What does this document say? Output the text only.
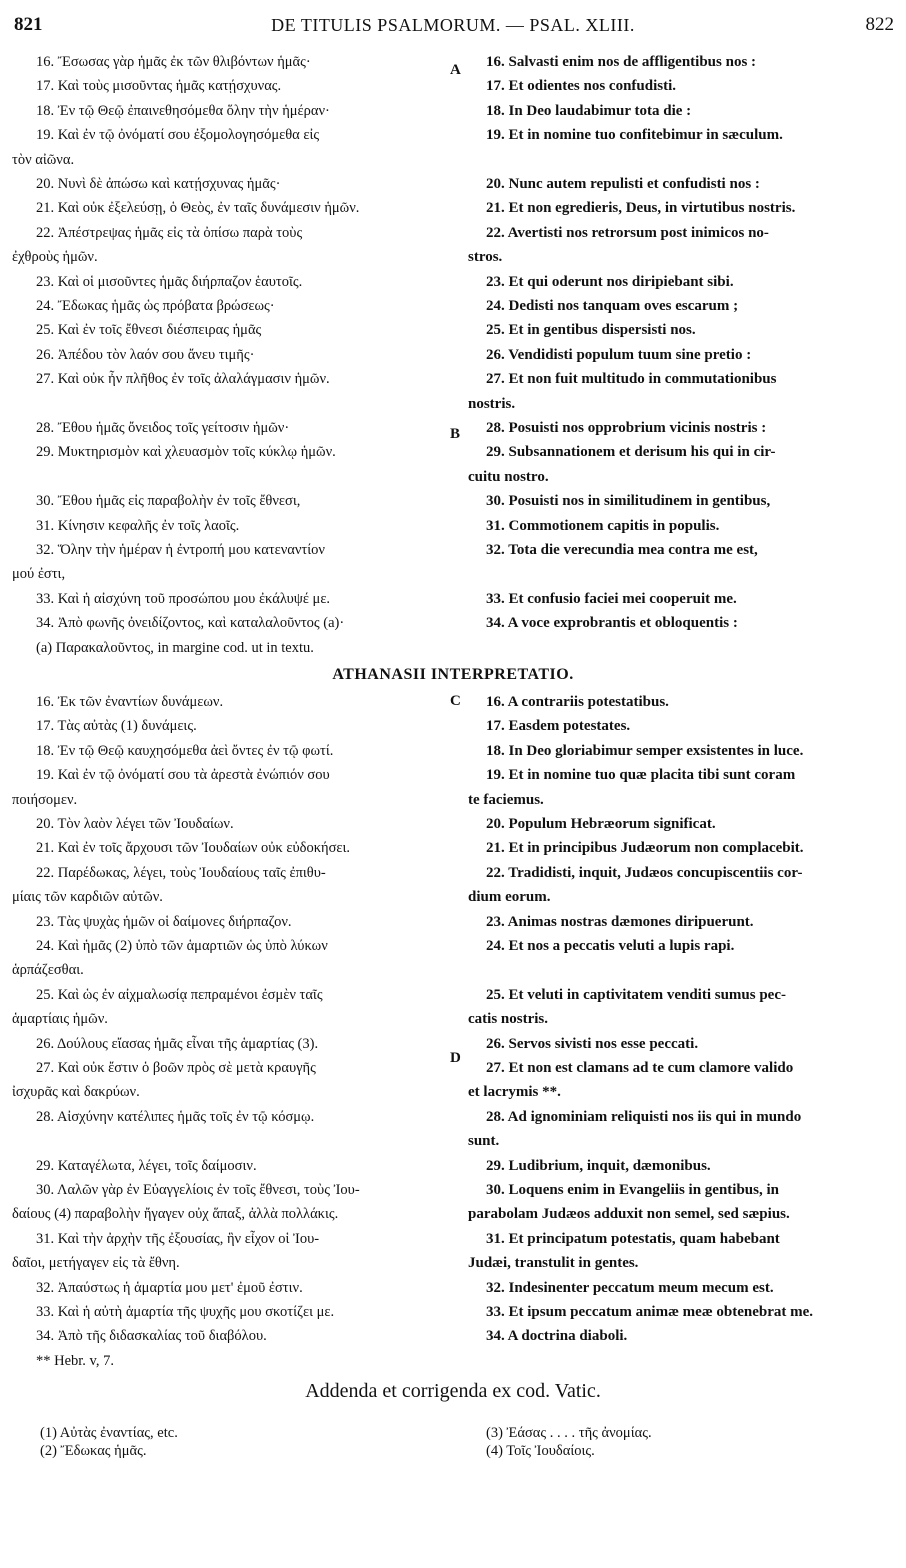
821	DE TITULIS PSALMORUM. — PSAL. XLIII.	822
16. Ἔσωσας γὰρ ἡμᾶς ἐκ τῶν θλιβόντων ἡμᾶς·	16. Salvasti enim nos de affligentibus nos :
17. Καὶ τοὺς μισοῦντας ἡμᾶς κατῄσχυνας.	17. Et odientes nos confudisti.
18. Ἐν τῷ Θεῷ ἐπαινεθησόμεθα ὅλην τὴν ἡμέραν·	18. In Deo laudabimur tota die :
19. Καὶ ἐν τῷ ὀνόματί σου ἐξομολογησόμεθα εἰς	19. Et in nomine tuo confitebimur in sæculum.
τὸν αἰῶνα.
20. Νυνὶ δὲ ἀπώσω καὶ κατῄσχυνας ἡμᾶς·	20. Nunc autem repulisti et confudisti nos :
21. Καὶ οὐκ ἐξελεύσῃ, ὁ Θεὸς, ἐν ταῖς δυνάμεσιν ἡμῶν.	21. Et non egredieris, Deus, in virtutibus nostris.
22. Ἀπέστρεψας ἡμᾶς εἰς τὰ ὀπίσω παρὰ τοὺς	22. Avertisti nos retrorsum post inimicos no-
ἐχθροὺς ἡμῶν.	stros.
23. Καὶ οἱ μισοῦντες ἡμᾶς διήρπαζον ἑαυτοῖς.	23. Et qui oderunt nos diripiebant sibi.
24. Ἔδωκας ἡμᾶς ὡς πρόβατα βρώσεως·	24. Dedisti nos tanquam oves escarum ;
25. Καὶ ἐν τοῖς ἔθνεσι διέσπειρας ἡμᾶς	25. Et in gentibus dispersisti nos.
26. Ἀπέδου τὸν λαόν σου ἄνευ τιμῆς·	26. Vendidisti populum tuum sine pretio :
27. Καὶ οὐκ ἦν πλῆθος ἐν τοῖς ἀλαλάγμασιν ἡμῶν.	27. Et non fuit multitudo in commutationibus
nostris.
28. Ἔθου ἡμᾶς ὄνειδος τοῖς γείτοσιν ἡμῶν·	28. Posuisti nos opprobrium vicinis nostris :
29. Μυκτηρισμὸν καὶ χλευασμὸν τοῖς κύκλῳ ἡμῶν.	29. Subsannationem et derisum his qui in cir-
cuitu nostro.
30. Ἔθου ἡμᾶς εἰς παραβολὴν ἐν τοῖς ἔθνεσι,	30. Posuisti nos in similitudinem in gentibus,
31. Κίνησιν κεφαλῆς ἐν τοῖς λαοῖς.	31. Commotionem capitis in populis.
32. Ὅλην τὴν ἡμέραν ἡ ἐντροπή μου κατεναντίον	32. Tota die verecundia mea contra me est,
μού ἐστι,
33. Καὶ ἡ αἰσχύνη τοῦ προσώπου μου ἐκάλυψέ με.	33. Et confusio faciei mei cooperuit me.
34. Ἀπὸ φωνῆς ὀνειδίζοντος, καὶ καταλαλοῦντος (a)·	34. A voce exprobrantis et obloquentis :
(a) Παρακαλοῦντος, in margine cod. ut in textu.
A
B
ATHANASII INTERPRETATIO.
16. Ἐκ τῶν ἐναντίων δυνάμεων.	16. A contrariis potestatibus.
17. Τὰς αὐτὰς (1) δυνάμεις.	17. Easdem potestates.
18. Ἐν τῷ Θεῷ καυχησόμεθα ἀεὶ ὄντες ἐν τῷ φωτί.	18. In Deo gloriabimur semper exsistentes in luce.
19. Καὶ ἐν τῷ ὀνόματί σου τὰ ἀρεστὰ ἐνώπιόν σου	19. Et in nomine tuo quæ placita tibi sunt coram
ποιήσομεν.	te faciemus.
20. Τὸν λαὸν λέγει τῶν Ἰουδαίων.	20. Populum Hebræorum significat.
21. Καὶ ἐν τοῖς ἄρχουσι τῶν Ἰουδαίων οὐκ εὐδοκήσει.	21. Et in principibus Judæorum non complacebit.
22. Παρέδωκας, λέγει, τοὺς Ἰουδαίους ταῖς ἐπιθυ-	22. Tradidisti, inquit, Judæos concupiscentiis cor-
μίαις τῶν καρδιῶν αὐτῶν.	dium eorum.
23. Τὰς ψυχὰς ἡμῶν οἱ δαίμονες διήρπαζον.	23. Animas nostras dæmones diripuerunt.
24. Καὶ ἡμᾶς (2) ὑπὸ τῶν ἁμαρτιῶν ὡς ὑπὸ λύκων	24. Et nos a peccatis veluti a lupis rapi.
ἁρπάζεσθαι.
25. Καὶ ὡς ἐν αἰχμαλωσίᾳ πεπραμένοι ἐσμὲν ταῖς	25. Et veluti in captivitatem venditi sumus pec-
ἁμαρτίαις ἡμῶν.	catis nostris.
26. Δούλους εἴασας ἡμᾶς εἶναι τῆς ἁμαρτίας (3).	26. Servos sivisti nos esse peccati.
27. Καὶ οὐκ ἔστιν ὁ βοῶν πρὸς σὲ μετὰ κραυγῆς	27. Et non est clamans ad te cum clamore valido
ἰσχυρᾶς καὶ δακρύων.	et lacrymis **.
28. Αἰσχύνην κατέλιπες ἡμᾶς τοῖς ἐν τῷ κόσμῳ.	28. Ad ignominiam reliquisti nos iis qui in mundo
sunt.
29. Καταγέλωτα, λέγει, τοῖς δαίμοσιν.	29. Ludibrium, inquit, dæmonibus.
30. Λαλῶν γὰρ ἐν Εὐαγγελίοις ἐν τοῖς ἔθνεσι, τοὺς Ἰου-	30. Loquens enim in Evangeliis in gentibus, in
δαίους (4) παραβολὴν ἤγαγεν οὐχ ἅπαξ, ἀλλὰ πολλάκις.	parabolam Judæos adduxit non semel, sed sæpius.
31. Καὶ τὴν ἀρχὴν τῆς ἐξουσίας, ἣν εἶχον οἱ Ἰου-	31. Et principatum potestatis, quam habebant
δαῖοι, μετήγαγεν εἰς τὰ ἔθνη.	Judæi, transtulit in gentes.
32. Ἀπαύστως ἡ ἁμαρτία μου μετ' ἐμοῦ ἐστιν.	32. Indesinenter peccatum meum mecum est.
33. Καὶ ἡ αὐτὴ ἁμαρτία τῆς ψυχῆς μου σκοτίζει με.	33. Et ipsum peccatum animæ meæ obtenebrat me.
34. Ἀπὸ τῆς διδασκαλίας τοῦ διαβόλου.	34. A doctrina diaboli.
** Hebr. v, 7.
C
D
Addenda et corrigenda ex cod. Vatic.
(1) Αὐτὰς ἐναντίας, etc.
(2) Ἔδωκας ἡμᾶς.
(3) Ἐάσας . . . . τῆς ἀνομίας.
(4) Τοῖς Ἰουδαίοις.
